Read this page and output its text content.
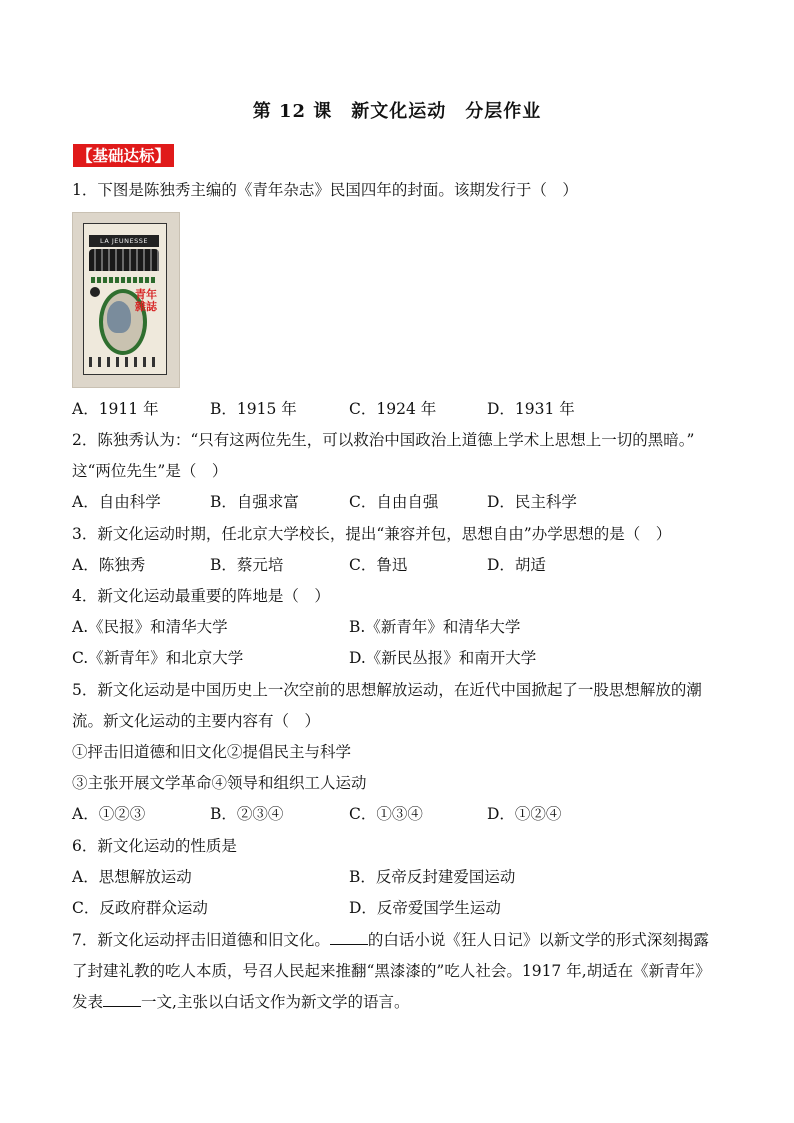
第 12 课　新文化运动　分层作业
【基础达标】
1．下图是陈独秀主编的《青年杂志》民国四年的封面。该期发行于（　）
LA JEUNESSE
青年雜誌
A．1911 年	B．1915 年	C．1924 年	D．1931 年
2．陈独秀认为：“只有这两位先生，可以救治中国政治上道德上学术上思想上一切的黑暗。”
这“两位先生”是（　）
A．自由科学	B．自强求富	C．自由自强	D．民主科学
3．新文化运动时期，任北京大学校长，提出“兼容并包，思想自由”办学思想的是（　）
A．陈独秀	B．蔡元培	C．鲁迅	D．胡适
4．新文化运动最重要的阵地是（　）
A.《民报》和清华大学	B.《新青年》和清华大学
C.《新青年》和北京大学	D.《新民丛报》和南开大学
5．新文化运动是中国历史上一次空前的思想解放运动，在近代中国掀起了一股思想解放的潮
流。新文化运动的主要内容有（　）
①抨击旧道德和旧文化②提倡民主与科学
③主张开展文学革命④领导和组织工人运动
A．①②③	B．②③④	C．①③④	D．①②④
6．新文化运动的性质是
A．思想解放运动	B．反帝反封建爱国运动
C．反政府群众运动	D．反帝爱国学生运动
7．新文化运动抨击旧道德和旧文化。 的白话小说《狂人日记》以新文学的形式深刻揭露
了封建礼教的吃人本质，号召人民起来推翻“黑漆漆的”吃人社会。1917 年,胡适在《新青年》
发表 一文,主张以白话文作为新文学的语言。
